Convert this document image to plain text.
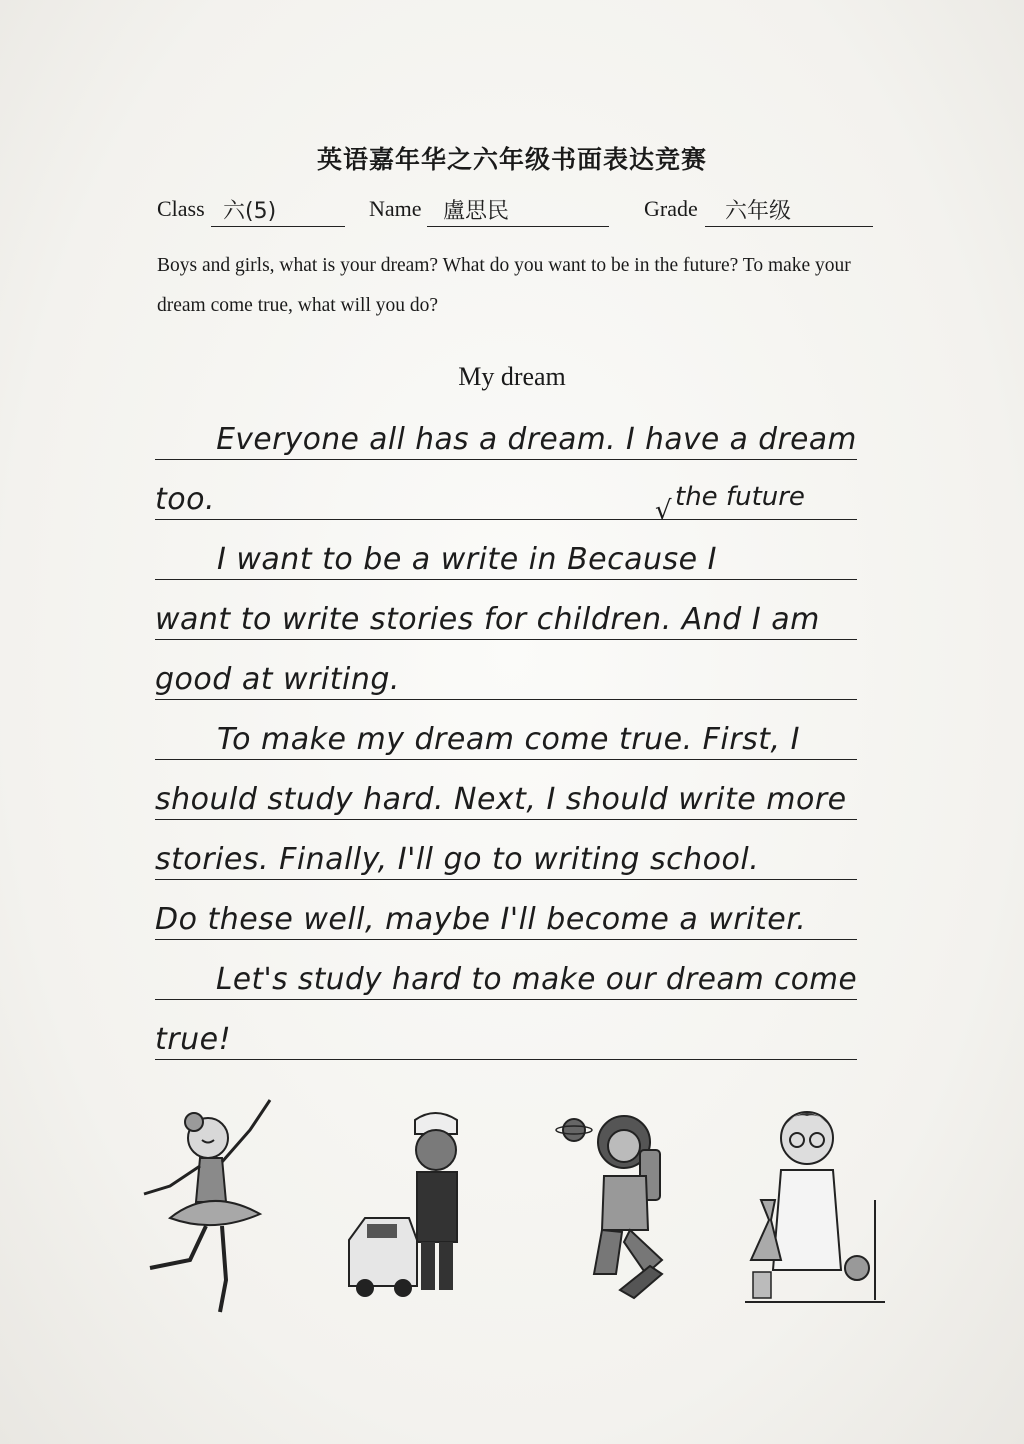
英语嘉年华之六年级书面表达竞赛
Class 六(5)	Name 盧思民	Grade 六年级
Boys and girls, what is your dream? What do you want to be in the future? To make your dream come true, what will you do?
My dream
Everyone all has a dream. I have a dream
too.	√ the future
I want to be a write in Because I
want to write stories for children. And I am
good at writing.
To make my dream come true. First, I
should study hard. Next, I should write more
stories. Finally, I'll go to writing school.
Do these well, maybe I'll become a writer.
Let's study hard to make our dream come
true!
